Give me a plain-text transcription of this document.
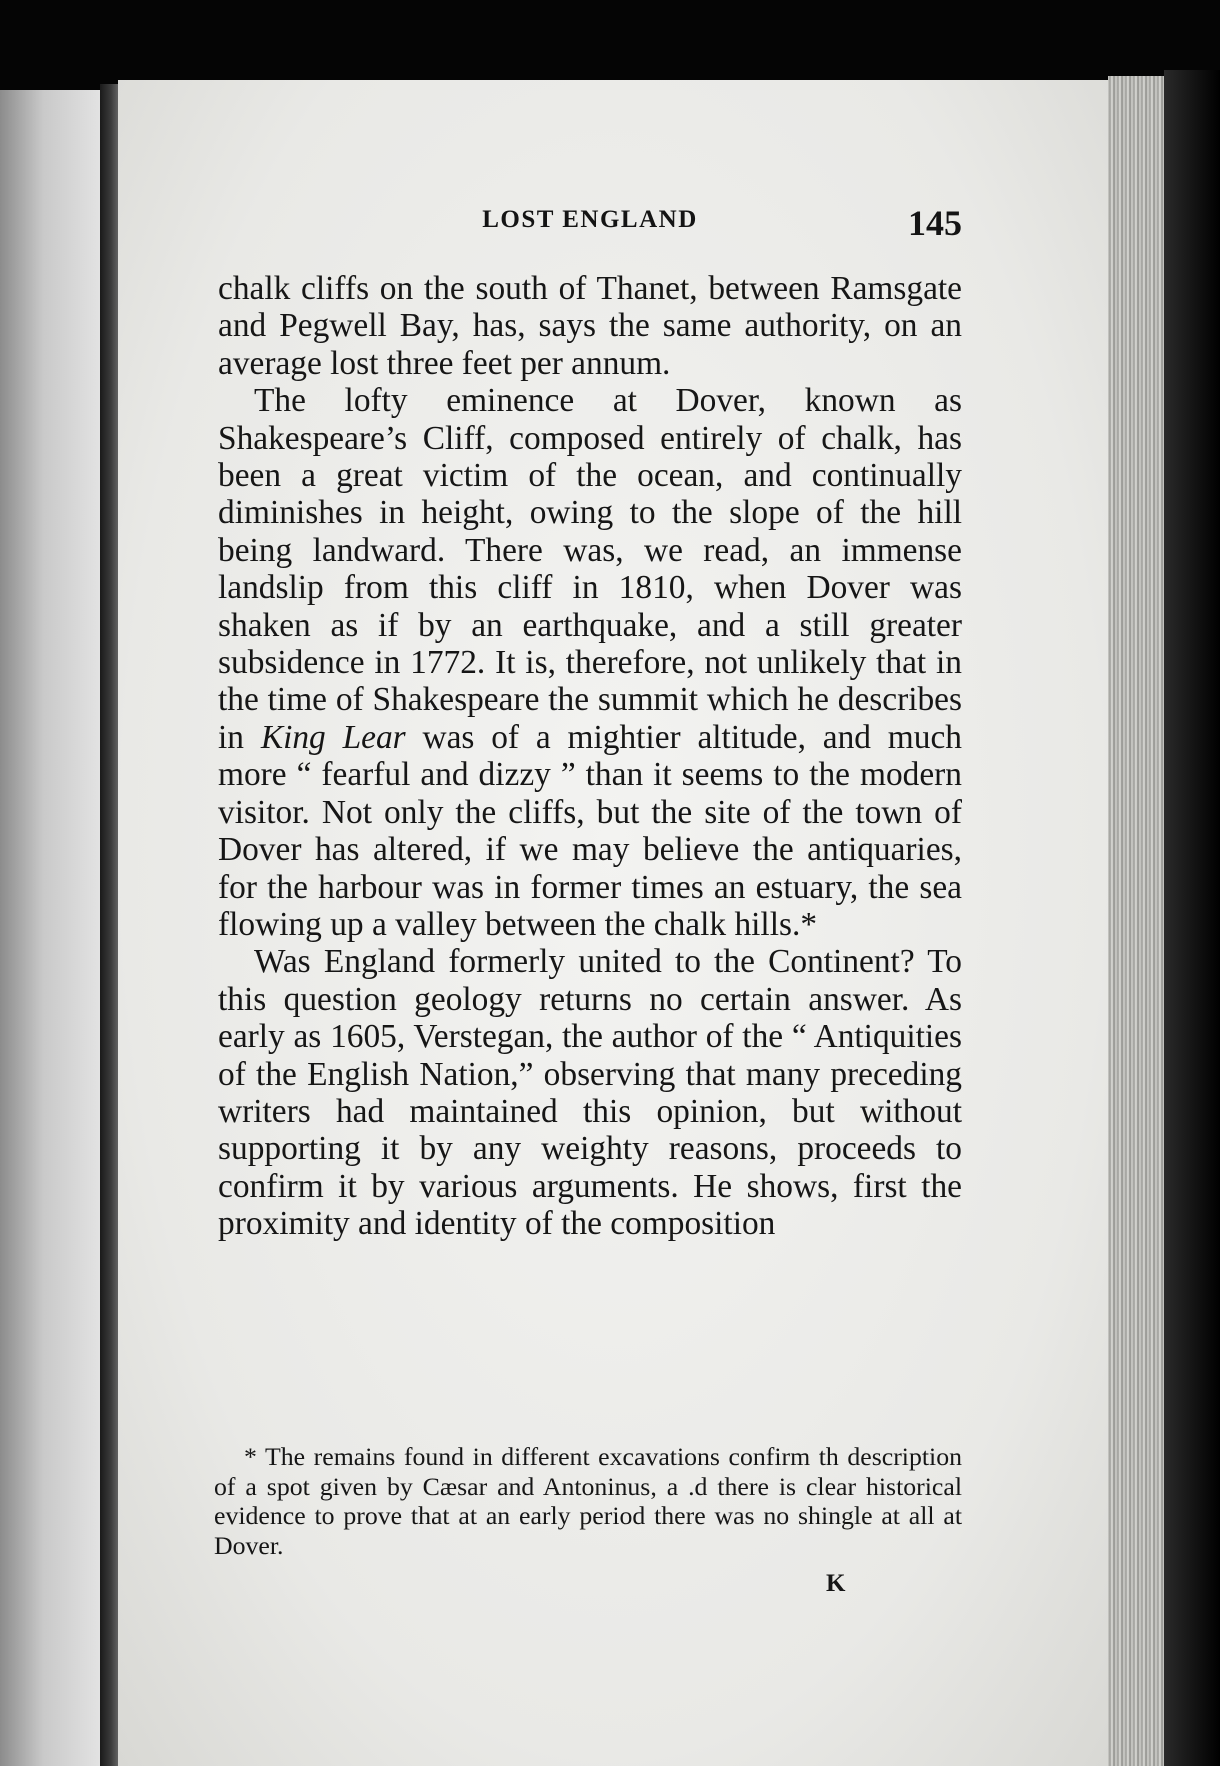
LOST ENGLAND	145

chalk cliffs on the south of Thanet, between Ramsgate and Pegwell Bay, has, says the same authority, on an average lost three feet per annum.

The lofty eminence at Dover, known as Shakespeare’s Cliff, composed entirely of chalk, has been a great victim of the ocean, and continually diminishes in height, owing to the slope of the hill being landward. There was, we read, an immense landslip from this cliff in 1810, when Dover was shaken as if by an earthquake, and a still greater subsidence in 1772. It is, therefore, not unlikely that in the time of Shakespeare the summit which he describes in King Lear was of a mightier altitude, and much more “ fearful and dizzy ” than it seems to the modern visitor. Not only the cliffs, but the site of the town of Dover has altered, if we may believe the antiquaries, for the harbour was in former times an estuary, the sea flowing up a valley between the chalk hills.*

Was England formerly united to the Continent? To this question geology returns no certain answer. As early as 1605, Verstegan, the author of the “ Antiquities of the English Nation,” observing that many preceding writers had maintained this opinion, but without supporting it by any weighty reasons, proceeds to confirm it by various arguments. He shows, first the proximity and identity of the composition

* The remains found in different excavations confirm th description of a spot given by Cæsar and Antoninus, a .d there is clear historical evidence to prove that at an early period there was no shingle at all at Dover.

K
